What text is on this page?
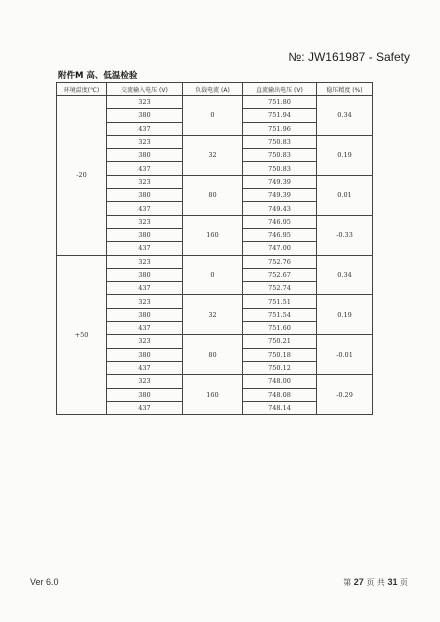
№: JW161987 - Safety
附件M 高、低温检验
环境温度(℃)	交流输入电压 (V)	负载电流 (A)	直流输出电压 (V)	稳压精度 (%)
-20	323	0	751.80	0.34
	380		751.94	
	437		751.96	
	323	32	750.83	0.19
	380		750.83	
	437		750.83	
	323	80	749.39	0.01
	380		749.39	
	437		749.43	
	323	160	746.95	-0.33
	380		746.95	
	437		747.00	
+50	323	0	752.76	0.34
	380		752.67	
	437		752.74	
	323	32	751.51	0.19
	380		751.54	
	437		751.60	
	323	80	750.21	-0.01
	380		750.18	
	437		750.12	
	323	160	748.00	-0.29
	380		748.08	
	437		748.14	
Ver 6.0	第 27 页 共 31 页
